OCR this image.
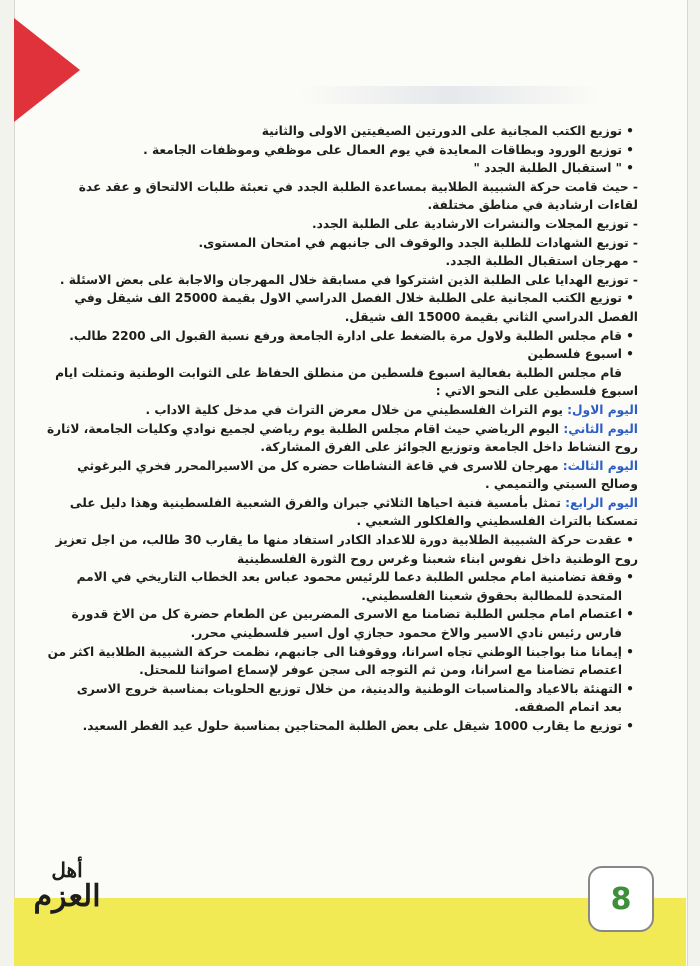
• توزيع الكتب المجانية على الدورتين الصيفيتين الاولى والثانية
• توزيع الورود وبطاقات المعايدة في يوم العمال على موظفي وموظفات الجامعة .
• " استقبال الطلبة الجدد "
- حيث قامت حركة الشبيبة الطلابية بمساعدة الطلبة الجدد في تعبئة طلبات الالتحاق و عقد عدة
لقاءات ارشادية في مناطق مختلفة.
- توزيع المجلات والنشرات الارشادية على الطلبة الجدد.
- توزيع الشهادات للطلبة الجدد والوقوف الى جانبهم في امتحان المستوى.
- مهرجان استقبال الطلبة الجدد.
- توزيع الهدايا على الطلبة الذين اشتركوا في مسابقة خلال المهرجان والاجابة على بعض الاسئلة .
• توزيع الكتب المجانية على الطلبة خلال الفصل الدراسي الاول بقيمة 25000 الف شيقل وفي
الفصل الدراسي الثاني بقيمة 15000 الف شيقل.
• قام مجلس الطلبة ولاول مرة بالضغط على ادارة الجامعة ورفع نسبة القبول الى 2200 طالب.
• اسبوع فلسطين
قام مجلس الطلبة بفعالية اسبوع فلسطين من منطلق الحفاظ على الثوابت الوطنية وتمثلت ايام
اسبوع فلسطين على النحو الاتي :
اليوم الاول: يوم التراث الفلسطيني من خلال معرض التراث في مدخل كلية الاداب .
اليوم الثاني: اليوم الرياضي حيث اقام مجلس الطلبة يوم رياضي لجميع نوادي وكليات الجامعة، لاثارة
روح النشاط داخل الجامعة وتوزيع الجوائز على الفرق المشاركة.
اليوم الثالث: مهرجان للاسرى في قاعة النشاطات حضره كل من الاسيرالمحرر فخري البرغوثي
وصالح السبتي والتميمي .
اليوم الرابع: تمثل بأمسية فنية احياها الثلاثي جبران والفرق الشعبية الفلسطينية وهذا دليل على
تمسكنا بالتراث الفلسطيني والفلكلور الشعبي .
• عقدت حركة الشبيبة الطلابية دورة للاعداد الكادر استفاد منها ما يقارب 30 طالب، من اجل تعزيز
روح الوطنية داخل نفوس ابناء شعبنا وغرس روح الثورة الفلسطينية
• وقفة تضامنية امام مجلس الطلبة دعما للرئيس محمود عباس بعد الخطاب التاريخي في الامم
المتحدة للمطالبة بحقوق شعبنا الفلسطيني.
• اعتصام امام مجلس الطلبة تضامنا مع الاسرى المضربين عن الطعام حضرة كل من الاخ قدورة
فارس رئيس نادي الاسير والاخ محمود حجازي اول اسير فلسطيني محرر.
• إيمانا منا بواجبنا الوطني تجاه اسرانا، ووقوفنا الى جانبهم، نظمت حركة الشبيبة الطلابية اكثر من
اعتصام تضامنا مع اسرانا، ومن ثم التوجه الى سجن عوفر لإسماع اصواتنا للمحتل.
• التهنئة بالاعياد والمناسبات الوطنية والدينية، من خلال توزيع الحلويات بمناسبة خروج الاسرى
بعد اتمام الصفقه.
• توزيع ما يقارب 1000 شيقل على بعض الطلبة المحتاجين بمناسبة حلول عيد الفطر السعيد.
أهل
العزم	8
